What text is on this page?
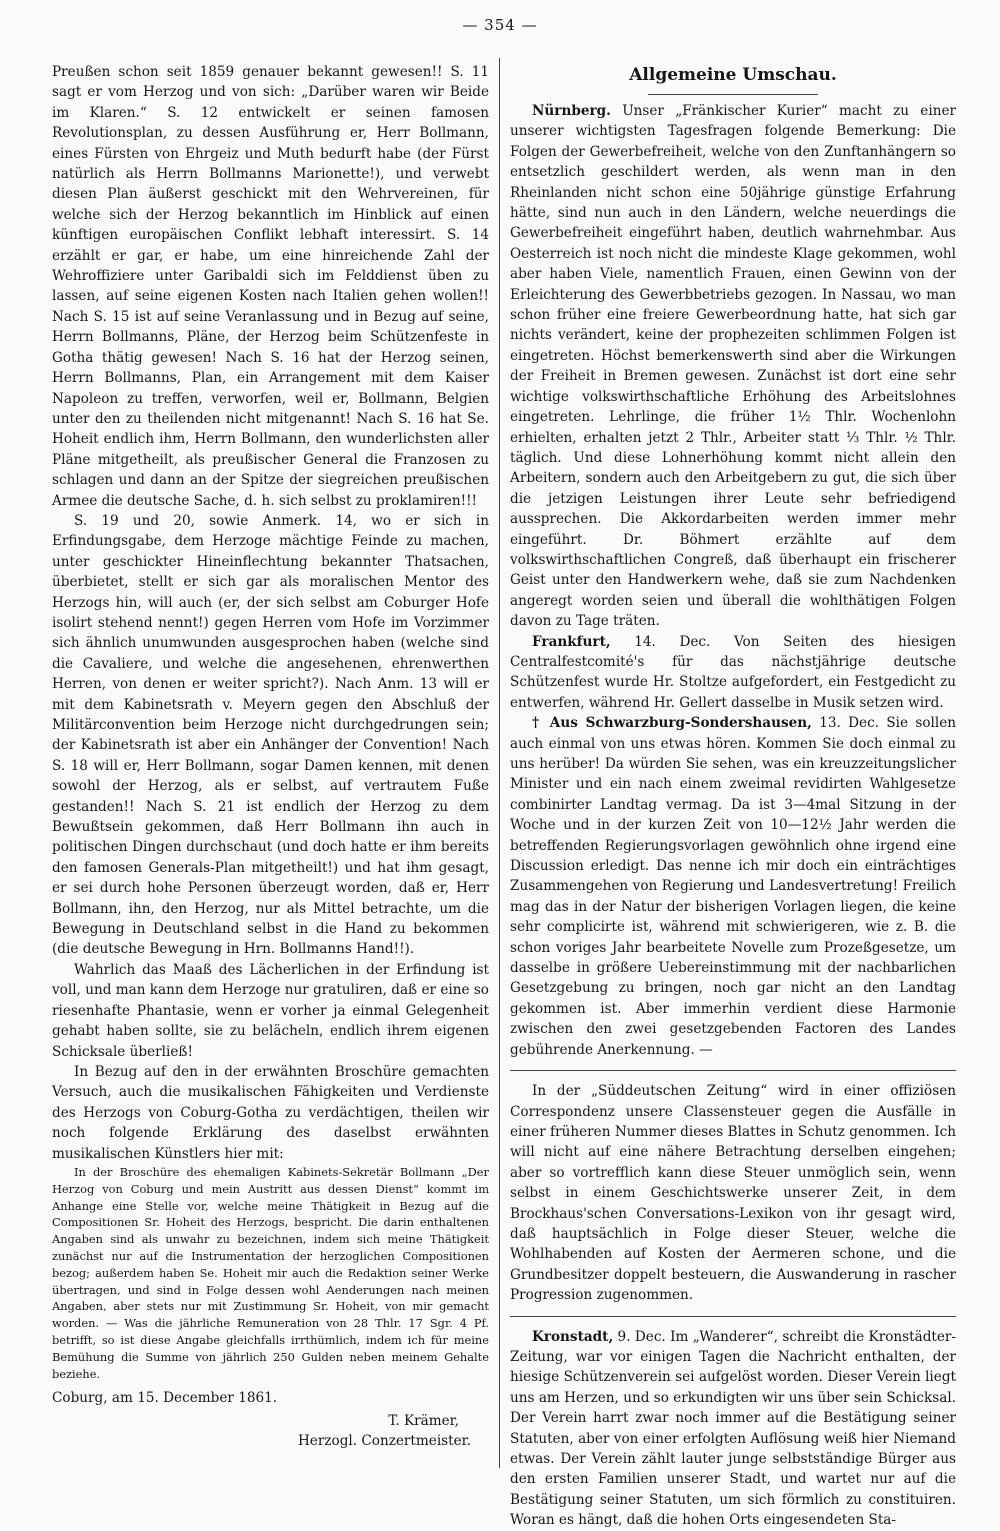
— 354 —

Preußen schon seit 1859 genauer bekannt gewesen!! S. 11 sagt er vom Herzog und von sich: „Darüber waren wir Beide im Klaren.“ S. 12 entwickelt er seinen famosen Revolutionsplan, zu dessen Ausführung er, Herr Bollmann, eines Fürsten von Ehrgeiz und Muth bedurft habe (der Fürst natürlich als Herrn Bollmanns Marionette!), und verwebt diesen Plan äußerst geschickt mit den Wehrvereinen, für welche sich der Herzog bekanntlich im Hinblick auf einen künftigen europäischen Conflikt lebhaft interessirt. S. 14 erzählt er gar, er habe, um eine hinreichende Zahl der Wehroffiziere unter Garibaldi sich im Felddienst üben zu lassen, auf seine eigenen Kosten nach Italien gehen wollen!! Nach S. 15 ist auf seine Veranlassung und in Bezug auf seine, Herrn Bollmanns, Pläne, der Herzog beim Schützenfeste in Gotha thätig gewesen! Nach S. 16 hat der Herzog seinen, Herrn Bollmanns, Plan, ein Arrangement mit dem Kaiser Napoleon zu treffen, verworfen, weil er, Bollmann, Belgien unter den zu theilenden nicht mitgenannt! Nach S. 16 hat Se. Hoheit endlich ihm, Herrn Bollmann, den wunderlichsten aller Pläne mitgetheilt, als preußischer General die Franzosen zu schlagen und dann an der Spitze der siegreichen preußischen Armee die deutsche Sache, d. h. sich selbst zu proklamiren!!!

S. 19 und 20, sowie Anmerk. 14, wo er sich in Erfindungsgabe, dem Herzoge mächtige Feinde zu machen, unter geschickter Hineinflechtung bekannter Thatsachen, überbietet, stellt er sich gar als moralischen Mentor des Herzogs hin, will auch (er, der sich selbst am Coburger Hofe isolirt stehend nennt!) gegen Herren vom Hofe im Vorzimmer sich ähnlich unumwunden ausgesprochen haben (welche sind die Cavaliere, und welche die angesehenen, ehrenwerthen Herren, von denen er weiter spricht?). Nach Anm. 13 will er mit dem Kabinetsrath v. Meyern gegen den Abschluß der Militärconvention beim Herzoge nicht durchgedrungen sein; der Kabinetsrath ist aber ein Anhänger der Convention! Nach S. 18 will er, Herr Bollmann, sogar Damen kennen, mit denen sowohl der Herzog, als er selbst, auf vertrautem Fuße gestanden!! Nach S. 21 ist endlich der Herzog zu dem Bewußtsein gekommen, daß Herr Bollmann ihn auch in politischen Dingen durchschaut (und doch hatte er ihm bereits den famosen Generals-Plan mitgetheilt!) und hat ihm gesagt, er sei durch hohe Personen überzeugt worden, daß er, Herr Bollmann, ihn, den Herzog, nur als Mittel betrachte, um die Bewegung in Deutschland selbst in die Hand zu bekommen (die deutsche Bewegung in Hrn. Bollmanns Hand!!).

Wahrlich das Maaß des Lächerlichen in der Erfindung ist voll, und man kann dem Herzoge nur gratuliren, daß er eine so riesenhafte Phantasie, wenn er vorher ja einmal Gelegenheit gehabt haben sollte, sie zu belächeln, endlich ihrem eigenen Schicksale überließ!

In Bezug auf den in der erwähnten Broschüre gemachten Versuch, auch die musikalischen Fähigkeiten und Verdienste des Herzogs von Coburg-Gotha zu verdächtigen, theilen wir noch folgende Erklärung des daselbst erwähnten musikalischen Künstlers hier mit:

In der Broschüre des ehemaligen Kabinets-Sekretär Bollmann „Der Herzog von Coburg und mein Austritt aus dessen Dienst“ kommt im Anhange eine Stelle vor, welche meine Thätigkeit in Bezug auf die Compositionen Sr. Hoheit des Herzogs, bespricht. Die darin enthaltenen Angaben sind als unwahr zu bezeichnen, indem sich meine Thätigkeit zunächst nur auf die Instrumentation der herzoglichen Compositionen bezog; außerdem haben Se. Hoheit mir auch die Redaktion seiner Werke übertragen, und sind in Folge dessen wohl Aenderungen nach meinen Angaben, aber stets nur mit Zustimmung Sr. Hoheit, von mir gemacht worden. — Was die jährliche Remuneration von 28 Thlr. 17 Sgr. 4 Pf. betrifft, so ist diese Angabe gleichfalls irrthümlich, indem ich für meine Bemühung die Summe von jährlich 250 Gulden neben meinem Gehalte beziehe.

Coburg, am 15. December 1861.

T. Krämer,

Herzogl. Conzertmeister.

Allgemeine Umschau.

Nürnberg. Unser „Fränkischer Kurier“ macht zu einer unserer wichtigsten Tagesfragen folgende Bemerkung: Die Folgen der Gewerbefreiheit, welche von den Zunftanhängern so entsetzlich geschildert werden, als wenn man in den Rheinlanden nicht schon eine 50jährige günstige Erfahrung hätte, sind nun auch in den Ländern, welche neuerdings die Gewerbefreiheit eingeführt haben, deutlich wahrnehmbar. Aus Oesterreich ist noch nicht die mindeste Klage gekommen, wohl aber haben Viele, namentlich Frauen, einen Gewinn von der Erleichterung des Gewerbbetriebs gezogen. In Nassau, wo man schon früher eine freiere Gewerbeordnung hatte, hat sich gar nichts verändert, keine der prophezeiten schlimmen Folgen ist eingetreten. Höchst bemerkenswerth sind aber die Wirkungen der Freiheit in Bremen gewesen. Zunächst ist dort eine sehr wichtige volkswirthschaftliche Erhöhung des Arbeitslohnes eingetreten. Lehrlinge, die früher 1½ Thlr. Wochenlohn erhielten, erhalten jetzt 2 Thlr., Arbeiter statt ⅓ Thlr. ½ Thlr. täglich. Und diese Lohnerhöhung kommt nicht allein den Arbeitern, sondern auch den Arbeitgebern zu gut, die sich über die jetzigen Leistungen ihrer Leute sehr befriedigend aussprechen. Die Akkordarbeiten werden immer mehr eingeführt. Dr. Böhmert erzählte auf dem volkswirthschaftlichen Congreß, daß überhaupt ein frischerer Geist unter den Handwerkern wehe, daß sie zum Nachdenken angeregt worden seien und überall die wohlthätigen Folgen davon zu Tage träten.

Frankfurt, 14. Dec. Von Seiten des hiesigen Centralfestcomité's für das nächstjährige deutsche Schützenfest wurde Hr. Stoltze aufgefordert, ein Festgedicht zu entwerfen, während Hr. Gellert dasselbe in Musik setzen wird.

† Aus Schwarzburg-Sondershausen, 13. Dec. Sie sollen auch einmal von uns etwas hören. Kommen Sie doch einmal zu uns herüber! Da würden Sie sehen, was ein kreuzzeitungslicher Minister und ein nach einem zweimal revidirten Wahlgesetze combinirter Landtag vermag. Da ist 3—4mal Sitzung in der Woche und in der kurzen Zeit von 10—12½ Jahr werden die betreffenden Regierungsvorlagen gewöhnlich ohne irgend eine Discussion erledigt. Das nenne ich mir doch ein einträchtiges Zusammengehen von Regierung und Landesvertretung! Freilich mag das in der Natur der bisherigen Vorlagen liegen, die keine sehr complicirte ist, während mit schwierigeren, wie z. B. die schon voriges Jahr bearbeitete Novelle zum Prozeßgesetze, um dasselbe in größere Uebereinstimmung mit der nachbarlichen Gesetzgebung zu bringen, noch gar nicht an den Landtag gekommen ist. Aber immerhin verdient diese Harmonie zwischen den zwei gesetzgebenden Factoren des Landes gebührende Anerkennung. —

In der „Süddeutschen Zeitung“ wird in einer offiziösen Correspondenz unsere Classensteuer gegen die Ausfälle in einer früheren Nummer dieses Blattes in Schutz genommen. Ich will nicht auf eine nähere Betrachtung derselben eingehen; aber so vortrefflich kann diese Steuer unmöglich sein, wenn selbst in einem Geschichtswerke unserer Zeit, in dem Brockhaus'schen Conversations-Lexikon von ihr gesagt wird, daß hauptsächlich in Folge dieser Steuer, welche die Wohlhabenden auf Kosten der Aermeren schone, und die Grundbesitzer doppelt besteuern, die Auswanderung in rascher Progression zugenommen.

Kronstadt, 9. Dec. Im „Wanderer“, schreibt die Kronstädter-Zeitung, war vor einigen Tagen die Nachricht enthalten, der hiesige Schützenverein sei aufgelöst worden. Dieser Verein liegt uns am Herzen, und so erkundigten wir uns über sein Schicksal. Der Verein harrt zwar noch immer auf die Bestätigung seiner Statuten, aber von einer erfolgten Auflösung weiß hier Niemand etwas. Der Verein zählt lauter junge selbstständige Bürger aus den ersten Familien unserer Stadt, und wartet nur auf die Bestätigung seiner Statuten, um sich förmlich zu constituiren. Woran es hängt, daß die hohen Orts eingesendeten Sta-
